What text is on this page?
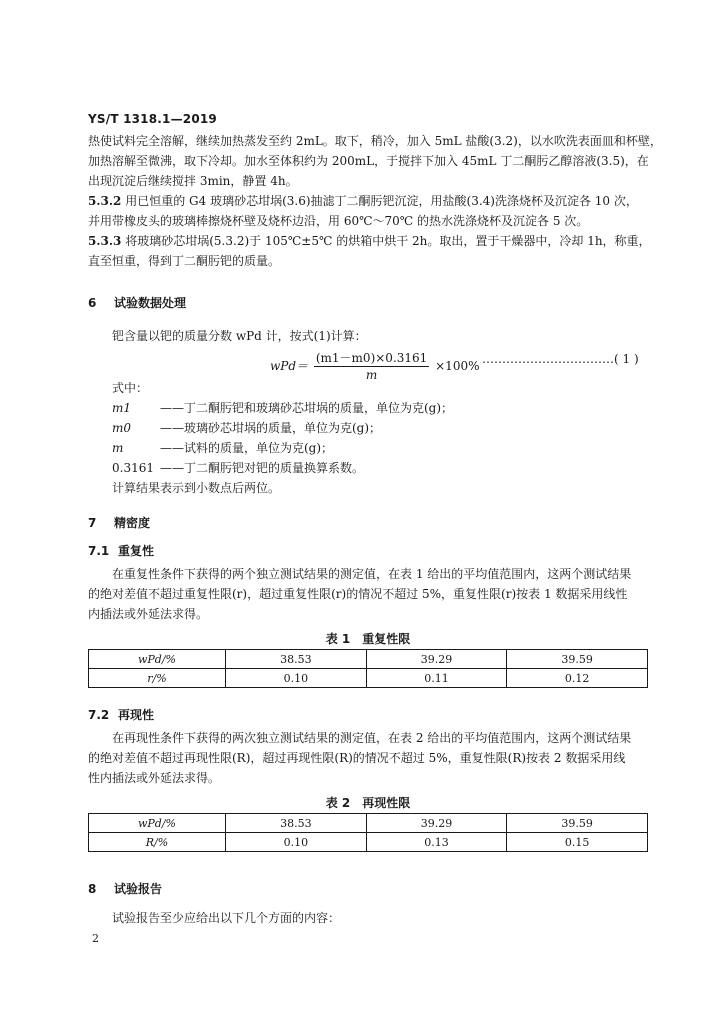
YS/T 1318.1—2019
热使试料完全溶解，继续加热蒸发至约 2mL。取下，稍冷，加入 5mL 盐酸(3.2)，以水吹洗表面皿和杯壁，
加热溶解至微沸，取下冷却。加水至体积约为 200mL，于搅拌下加入 45mL 丁二酮肟乙醇溶液(3.5)，在
出现沉淀后继续搅拌 3min，静置 4h。
5.3.2 用已恒重的 G4 玻璃砂芯坩埚(3.6)抽滤丁二酮肟钯沉淀，用盐酸(3.4)洗涤烧杯及沉淀各 10 次，
并用带橡皮头的玻璃棒擦烧杯壁及烧杯边沿，用 60℃～70℃ 的热水洗涤烧杯及沉淀各 5 次。
5.3.3 将玻璃砂芯坩埚(5.3.2)于 105℃±5℃ 的烘箱中烘干 2h。取出，置于干燥器中，冷却 1h，称重，
直至恒重，得到丁二酮肟钯的质量。
6 试验数据处理
钯含量以钯的质量分数 wPd 计，按式(1)计算：
$wPd= \frac{(m1-m0)\times 0.3161}{m} \times 100\%$ ……………………………( 1 )
式中：
m1 ——丁二酮肟钯和玻璃砂芯坩埚的质量，单位为克(g)；
m0 ——玻璃砂芯坩埚的质量，单位为克(g)；
m	——试料的质量，单位为克(g)；
0.3161 ——丁二酮肟钯对钯的质量换算系数。
计算结果表示到小数点后两位。
7 精密度
7.1 重复性
在重复性条件下获得的两个独立测试结果的测定值，在表 1 给出的平均值范围内，这两个测试结果
的绝对差值不超过重复性限(r)，超过重复性限(r)的情况不超过 5%，重复性限(r)按表 1 数据采用线性
内插法或外延法求得。
表 1　重复性限
wPd/%	38.53	39.29	39.59
r/%	0.10	0.11	0.12
7.2 再现性
在再现性条件下获得的两次独立测试结果的测定值，在表 2 给出的平均值范围内，这两个测试结果
的绝对差值不超过再现性限(R)，超过再现性限(R)的情况不超过 5%，重复性限(R)按表 2 数据采用线
性内插法或外延法求得。
表 2　再现性限
wPd/%	38.53	39.29	39.59
R/%	0.10	0.13	0.15
8 试验报告
试验报告至少应给出以下几个方面的内容：
2
